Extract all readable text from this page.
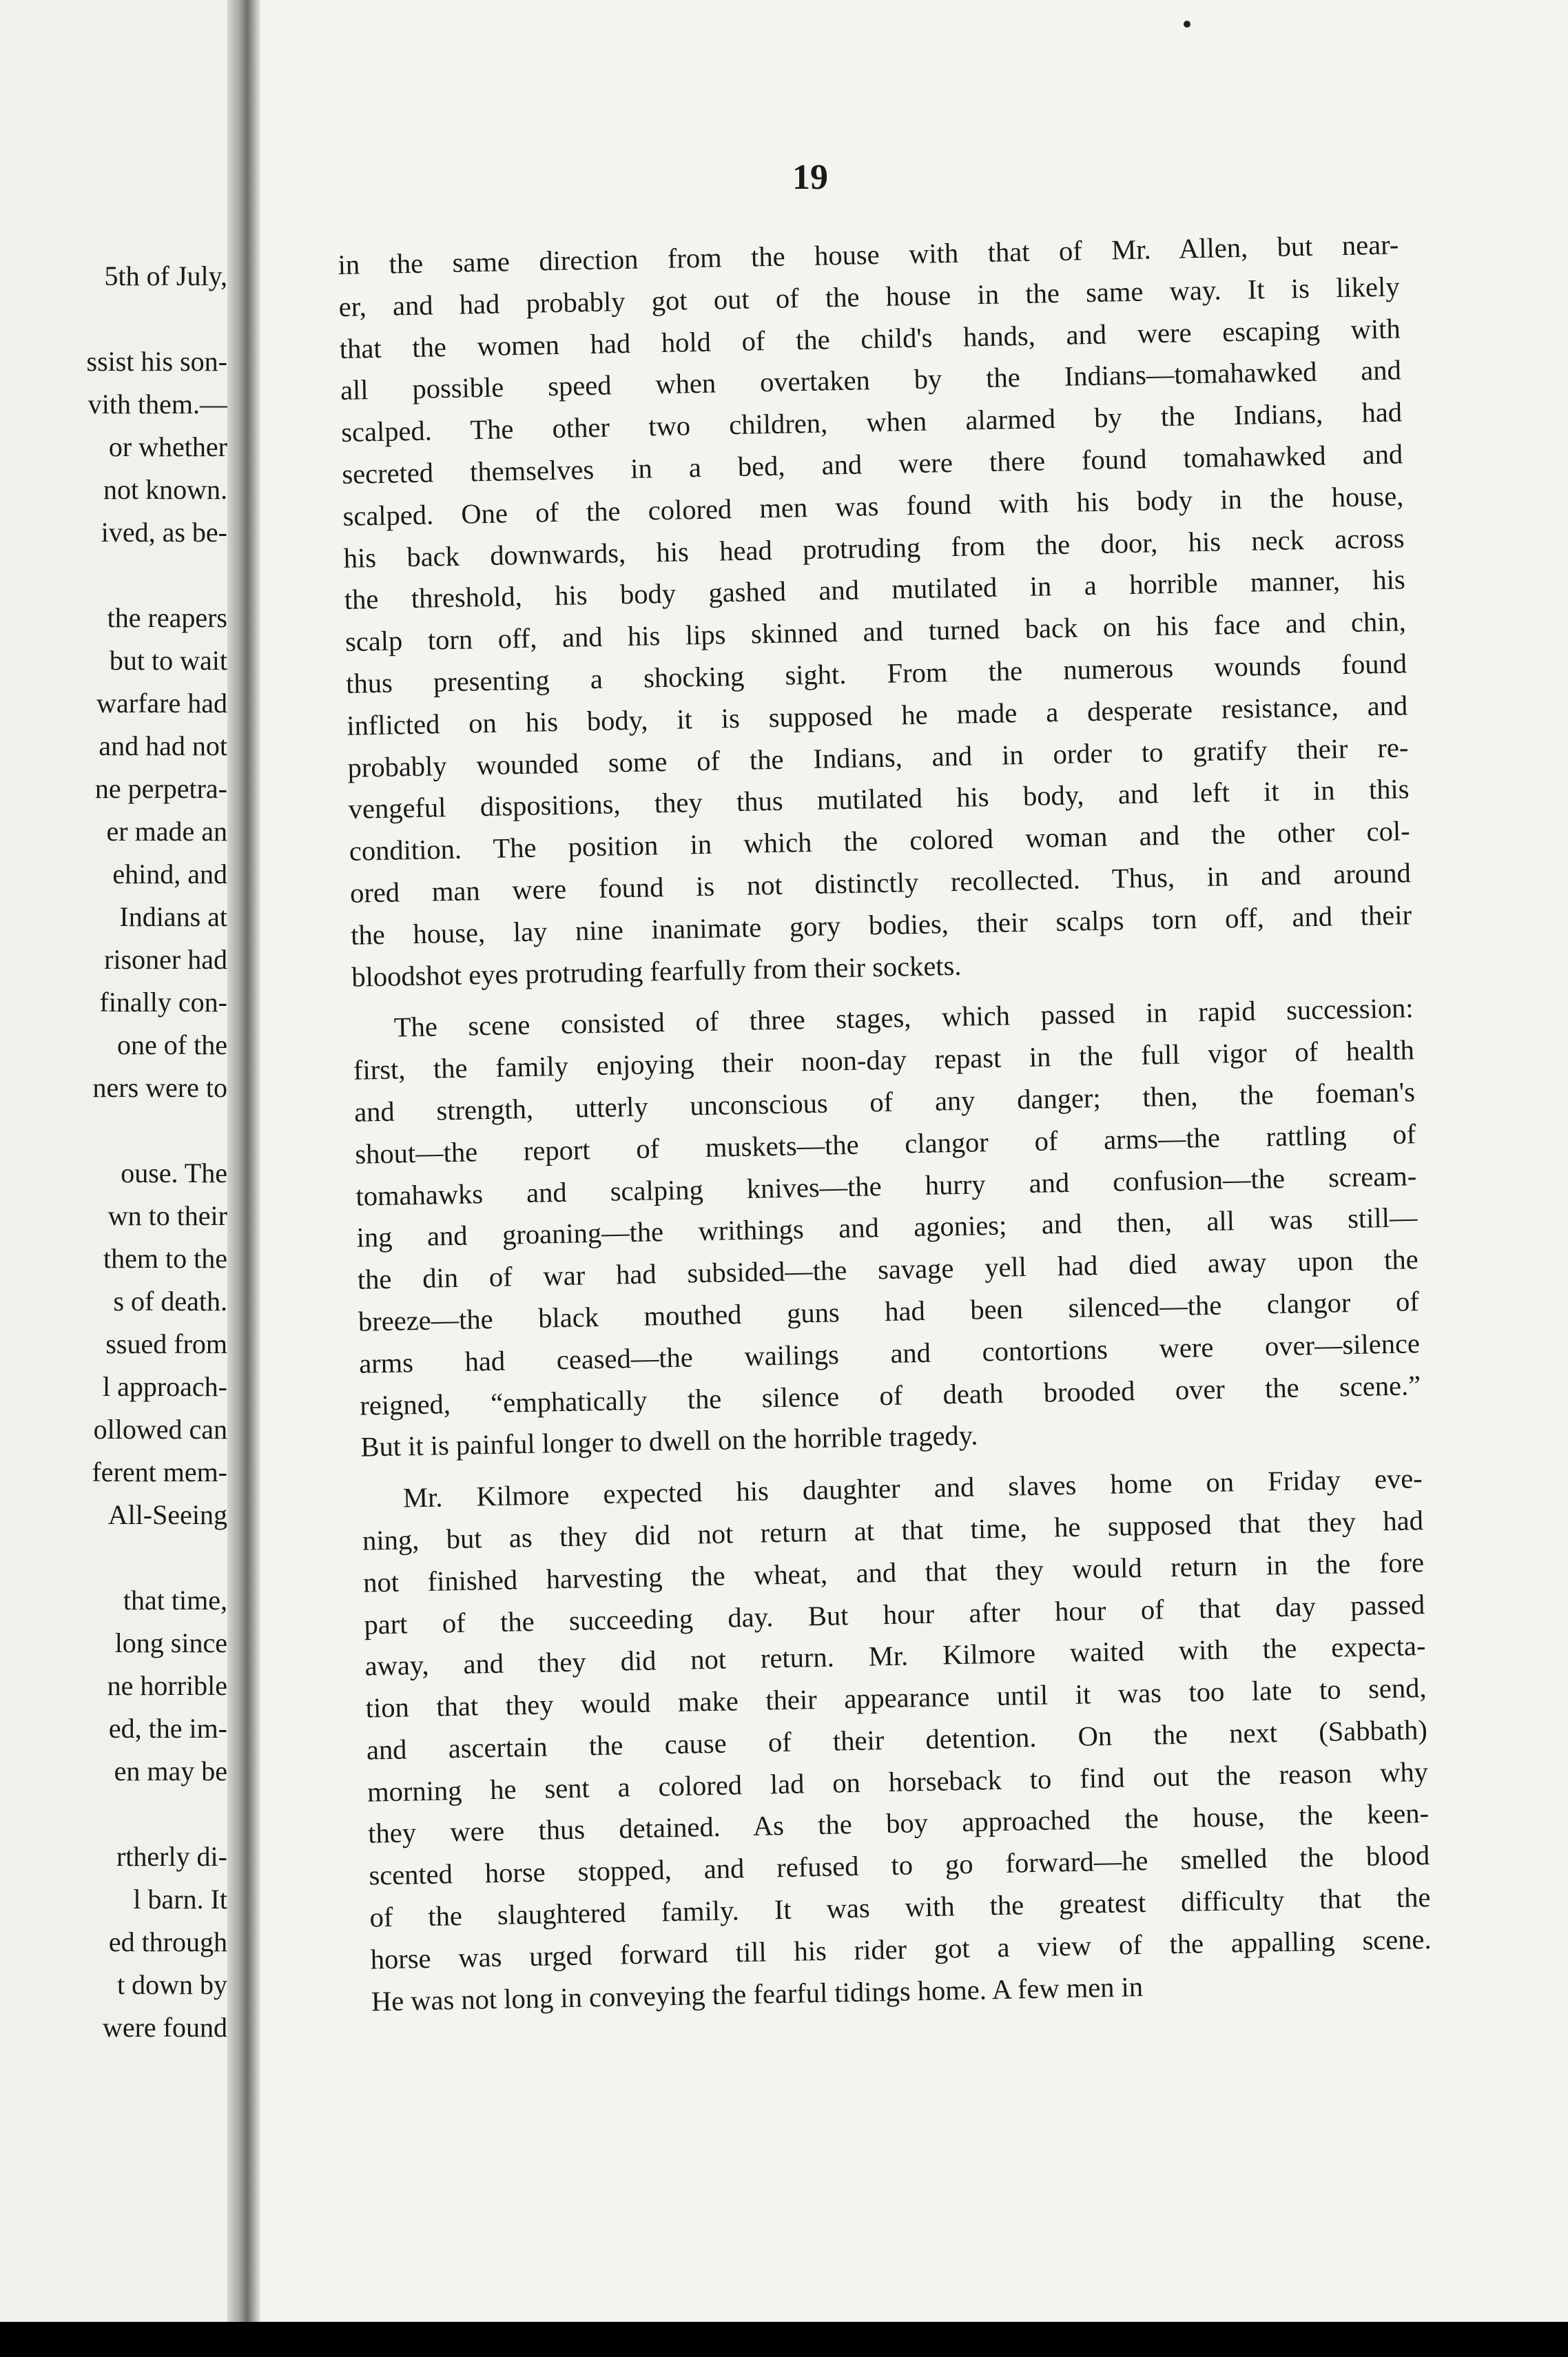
5th of July,
ssist his son-
vith them.—
or whether
not known.
ived, as be-
the reapers
but to wait
warfare had
and had not
ne perpetra-
er made an
ehind, and
Indians at
risoner had
finally con-
one of the
ners were to
ouse. The
wn to their
them to the
s of death.
ssued from
l approach-
ollowed can
ferent mem-
All-Seeing
that time,
long since
ne horrible
ed, the im-
en may be
rtherly di-
l barn. It
ed through
t down by
were found
19
in the same direction from the house with that of Mr. Allen, but near-
er, and had probably got out of the house in the same way. It is likely
that the women had hold of the child's hands, and were escaping with
all possible speed when overtaken by the Indians—tomahawked and
scalped. The other two children, when alarmed by the Indians, had
secreted themselves in a bed, and were there found tomahawked and
scalped. One of the colored men was found with his body in the house,
his back downwards, his head protruding from the door, his neck across
the threshold, his body gashed and mutilated in a horrible manner, his
scalp torn off, and his lips skinned and turned back on his face and chin,
thus presenting a shocking sight. From the numerous wounds found
inflicted on his body, it is supposed he made a desperate resistance, and
probably wounded some of the Indians, and in order to gratify their re-
vengeful dispositions, they thus mutilated his body, and left it in this
condition. The position in which the colored woman and the other col-
ored man were found is not distinctly recollected. Thus, in and around
the house, lay nine inanimate gory bodies, their scalps torn off, and their
bloodshot eyes protruding fearfully from their sockets.
The scene consisted of three stages, which passed in rapid succession:
first, the family enjoying their noon-day repast in the full vigor of health
and strength, utterly unconscious of any danger; then, the foeman's
shout—the report of muskets—the clangor of arms—the rattling of
tomahawks and scalping knives—the hurry and confusion—the scream-
ing and groaning—the writhings and agonies; and then, all was still—
the din of war had subsided—the savage yell had died away upon the
breeze—the black mouthed guns had been silenced—the clangor of
arms had ceased—the wailings and contortions were over—silence
reigned, “emphatically the silence of death brooded over the scene.”
But it is painful longer to dwell on the horrible tragedy.
Mr. Kilmore expected his daughter and slaves home on Friday eve-
ning, but as they did not return at that time, he supposed that they had
not finished harvesting the wheat, and that they would return in the fore
part of the succeeding day. But hour after hour of that day passed
away, and they did not return. Mr. Kilmore waited with the expecta-
tion that they would make their appearance until it was too late to send,
and ascertain the cause of their detention. On the next (Sabbath)
morning he sent a colored lad on horseback to find out the reason why
they were thus detained. As the boy approached the house, the keen-
scented horse stopped, and refused to go forward—he smelled the blood
of the slaughtered family. It was with the greatest difficulty that the
horse was urged forward till his rider got a view of the appalling scene.
He was not long in conveying the fearful tidings home. A few men in
